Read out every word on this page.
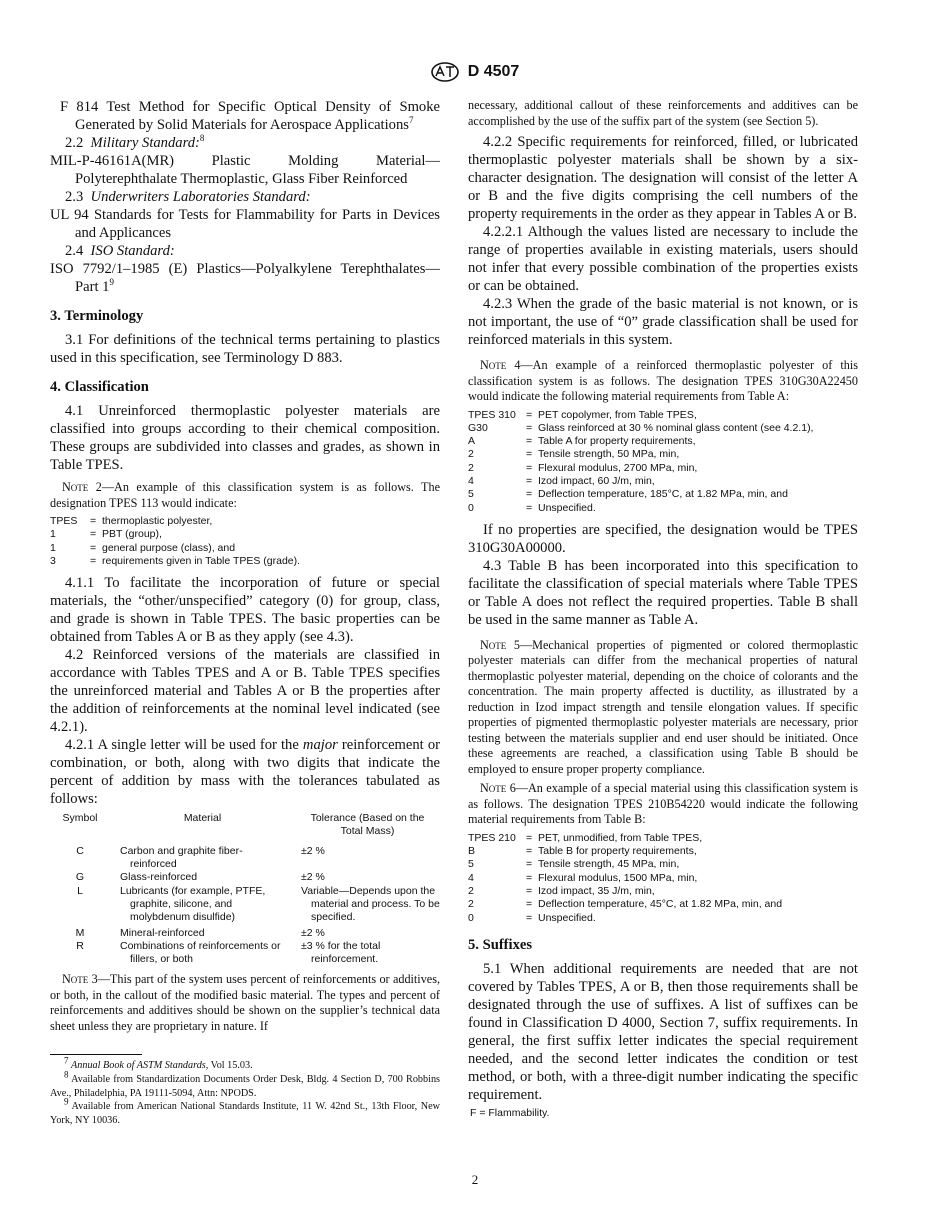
D 4507

F 814 Test Method for Specific Optical Density of Smoke Generated by Solid Materials for Aerospace Applications$^7$

2.2 Military Standard:$^8$

MIL-P-46161A(MR) Plastic Molding Material—Polyterephthalate Thermoplastic, Glass Fiber Reinforced

2.3 Underwriters Laboratories Standard:

UL 94 Standards for Tests for Flammability for Parts in Devices and Applicances

2.4 ISO Standard:

ISO 7792/1–1985 (E) Plastics—Polyalkylene Terephthalates—Part $1^9$

3. Terminology

3.1 For definitions of the technical terms pertaining to plastics used in this specification, see Terminology D 883.

4. Classification

4.1 Unreinforced thermoplastic polyester materials are classified into groups according to their chemical composition. These groups are subdivided into classes and grades, as shown in Table TPES.

Note 2—An example of this classification system is as follows. The designation TPES 113 would indicate:
TPES	=	thermoplastic polyester,
1	=	PBT (group),
1	=	general purpose (class), and
3	=	requirements given in Table TPES (grade).

4.1.1 To facilitate the incorporation of future or special materials, the “other/unspecified” category (0) for group, class, and grade is shown in Table TPES. The basic properties can be obtained from Tables A or B as they apply (see 4.3).

4.2 Reinforced versions of the materials are classified in accordance with Tables TPES and A or B. Table TPES specifies the unreinforced material and Tables A or B the properties after the addition of reinforcements at the nominal level indicated (see 4.2.1).

4.2.1 A single letter will be used for the major reinforcement or combination, or both, along with two digits that indicate the percent of addition by mass with the tolerances tabulated as follows:

Symbol	Material	Tolerance (Based on the Total Mass)
C	Carbon and graphite fiber-reinforced	±2 %
G	Glass-reinforced	±2 %
L	Lubricants (for example, PTFE, graphite, silicone, and molybdenum disulfide)	Variable—Depends upon the material and process. To be specified.

M	Mineral-reinforced	±2 %
R	Combinations of reinforcements or fillers, or both	±3 % for the total reinforcement.
Note 3—This part of the system uses percent of reinforcements or additives, or both, in the callout of the modified basic material. The types and percent of reinforcements and additives should be shown on the supplier’s technical data sheet unless they are proprietary in nature. If
$^7$ Annual Book of ASTM Standards, Vol 15.03.
$^8$ Available from Standardization Documents Order Desk, Bldg. 4 Section D, 700 Robbins Ave., Philadelphia, PA 19111-5094, Attn: NPODS.
$^9$ Available from American National Standards Institute, 11 W. 42nd St., 13th Floor, New York, NY 10036.
necessary, additional callout of these reinforcements and additives can be accomplished by the use of the suffix part of the system (see Section 5).

4.2.2 Specific requirements for reinforced, filled, or lubricated thermoplastic polyester materials shall be shown by a six-character designation. The designation will consist of the letter A or B and the five digits comprising the cell numbers of the property requirements in the order as they appear in Tables A or B.

4.2.2.1 Although the values listed are necessary to include the range of properties available in existing materials, users should not infer that every possible combination of the properties exists or can be obtained.

4.2.3 When the grade of the basic material is not known, or is not important, the use of “0” grade classification shall be used for reinforced materials in this system.

Note 4—An example of a reinforced thermoplastic polyester of this classification system is as follows. The designation TPES 310G30A22450 would indicate the following material requirements from Table A:
TPES 310	=	PET copolymer, from Table TPES,
G30	=	Glass reinforced at 30 % nominal glass content (see 4.2.1),
A	=	Table A for property requirements,
2	=	Tensile strength, 50 MPa, min,
2	=	Flexural modulus, 2700 MPa, min,
4	=	Izod impact, 60 J/m, min,
5	=	Deflection temperature, 185°C, at 1.82 MPa, min, and
0	=	Unspecified.

If no properties are specified, the designation would be TPES 310G30A00000.

4.3 Table B has been incorporated into this specification to facilitate the classification of special materials where Table TPES or Table A does not reflect the required properties. Table B shall be used in the same manner as Table A.

Note 5—Mechanical properties of pigmented or colored thermoplastic polyester materials can differ from the mechanical properties of natural thermoplastic polyester material, depending on the choice of colorants and the concentration. The main property affected is ductility, as illustrated by a reduction in Izod impact strength and tensile elongation values. If specific properties of pigmented thermoplastic polyester materials are necessary, prior testing between the materials supplier and end user should be initiated. Once these agreements are reached, a classification using Table B should be employed to ensure proper property compliance.
Note 6—An example of a special material using this classification system is as follows. The designation TPES 210B54220 would indicate the following material requirements from Table B:
TPES 210	=	PET, unmodified, from Table TPES,
B	=	Table B for property requirements,
5	=	Tensile strength, 45 MPa, min,
4	=	Flexural modulus, 1500 MPa, min,
2	=	Izod impact, 35 J/m, min,
2	=	Deflection temperature, 45°C, at 1.82 MPa, min, and
0	=	Unspecified.
5. Suffixes

5.1 When additional requirements are needed that are not covered by Tables TPES, A or B, then those requirements shall be designated through the use of suffixes. A list of suffixes can be found in Classification D 4000, Section 7, suffix requirements. In general, the first suffix letter indicates the special requirement needed, and the second letter indicates the condition or test method, or both, with a three-digit number indicating the specific requirement.

F = Flammability.
2
